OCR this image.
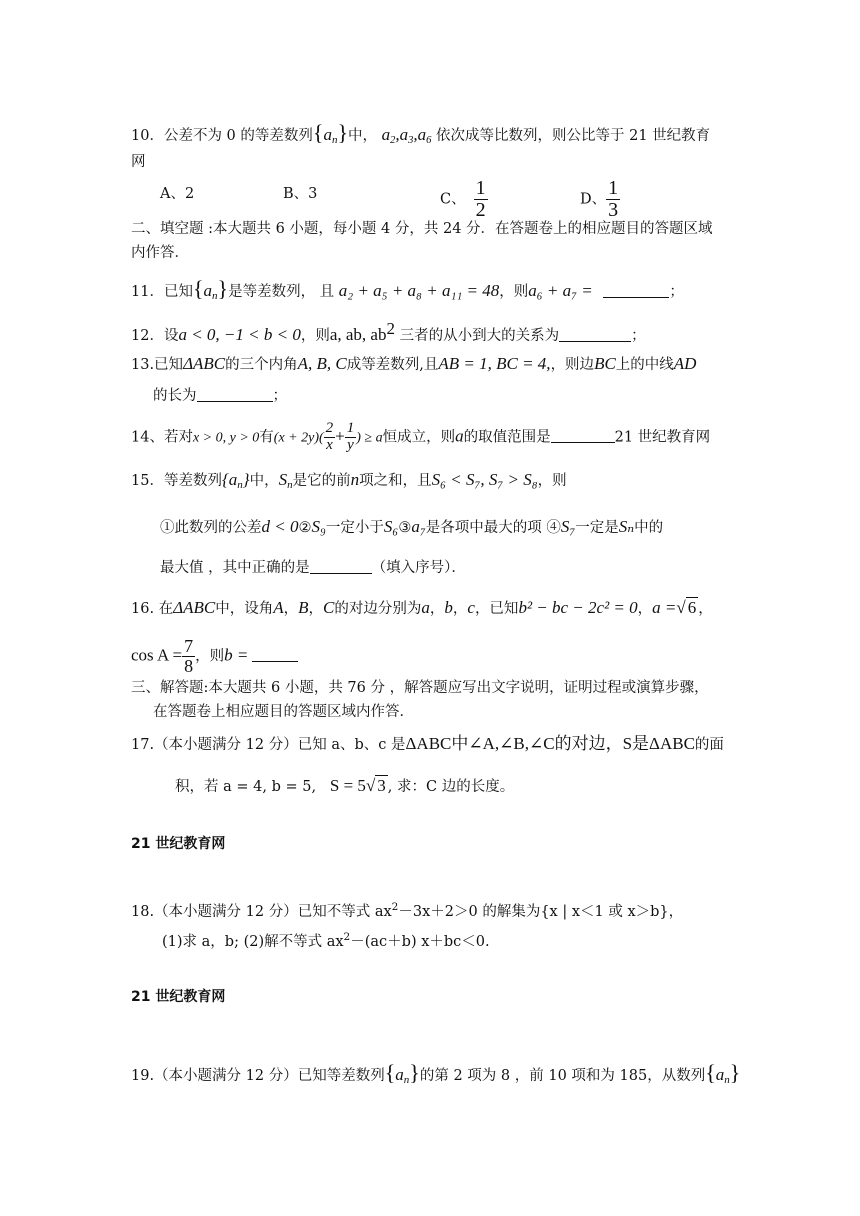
10．公差不为 0 的等差数列$\{a_n\}$中， $a_2,a_3,a_6$ 依次成等比数列，则公比等于 21 世纪教育
网
A、2	B、3	C、 $\frac{1}{2}$	D、 $\frac{1}{3}$
二、填空题 :本大题共 6 小题，每小题 4 分，共 24 分．在答题卷上的相应题目的答题区域
内作答．
11．已知$\{a_n\}$是等差数列， 且 a₂ + a₅ + a₈ + a₁₁ = 48，则a₆ + a₇ =	；
12．设a < 0, −1 < b < 0，则a, ab, $ab^2$ 三者的从小到大的关系为	；
13.已知ΔABC的三个内角A, B, C成等差数列,且AB = 1, BC = 4,，则边BC上的中线AD
的长为	；
14、若对x > 0, y > 0有$(x + 2y)( \frac{2}{x} + \frac{1}{y}$ ) ≥ a恒成立，则a的取值范围是	21 世纪教育网
15．等差数列$\{a_n\}$中，$S_n$是它的前n项之和，且S₆ < S₇, S₇ > S₈，则
①此数列的公差d < 0②S₉一定小于S₆③a₇是各项中最大的项 ④S₇一定是Sₙ中的
最大值 ，其中正确的是	（填入序号）．
16. 在ΔABC中，设角A，B，C的对边分别为a，b，c，已知b² − bc − 2c² = 0，a =√ 6 ，
$\cos A = \frac{7}{8}$ ，则b =
三、解答题:本大题共 6 小题，共 76 分 ，解答题应写出文字说明，证明过程或演算步骤，
在答题卷上相应题目的答题区域内作答．
17.（本小题满分 12 分）已知 a、b、c 是ΔABC中∠A,∠B,∠C的对边，S是ΔABC的面
积，若 a = 4, b = 5, S = 5√ 3 , 求：C 边的长度。
21 世纪教育网
18.（本小题满分 12 分）已知不等式 $ax^2-3x+2>0$ 的解集为{x | x＜1 或 x＞b}，
(1)求 a，b; (2)解不等式 $ax^2-(ac+b)$ x＋bc＜0.
21 世纪教育网
19.（本小题满分 12 分）已知等差数列$\{a_n\}$的第 2 项为 8 ，前 10 项和为 185，从数列$\{a_n\}$
